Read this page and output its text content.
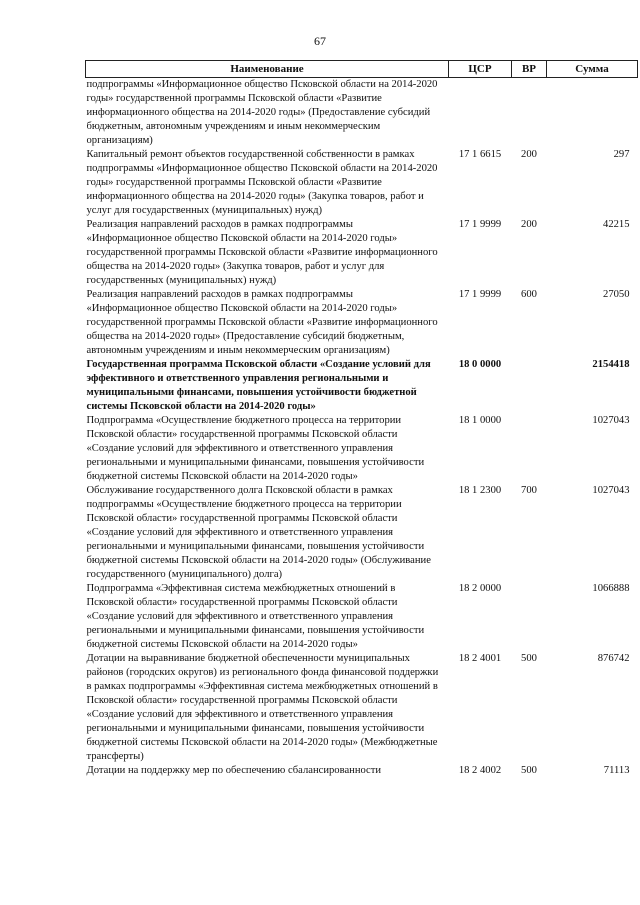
67
Наименование	ЦСР	ВР	Сумма
подпрограммы «Информационное общество Псковской области на 2014-2020 годы» государственной программы Псковской области «Развитие информационного общества на 2014-2020 годы» (Предоставление субсидий бюджетным, автономным учреждениям и иным некоммерческим организациям)			
Капитальный ремонт объектов государственной собственности в рамках подпрограммы «Информационное общество Псковской области на 2014-2020 годы» государственной программы Псковской области «Развитие информационного общества на 2014-2020 годы» (Закупка товаров, работ и услуг для государственных (муниципальных) нужд)	17 1 6615	200	297
Реализация направлений расходов в рамках подпрограммы «Информационное общество Псковской области на 2014-2020 годы» государственной программы Псковской области «Развитие информационного общества на 2014-2020 годы» (Закупка товаров, работ и услуг для государственных (муниципальных) нужд)	17 1 9999	200	42215
Реализация направлений расходов в рамках подпрограммы «Информационное общество Псковской области на 2014-2020 годы» государственной программы Псковской области «Развитие информационного общества на 2014-2020 годы» (Предоставление субсидий бюджетным, автономным учреждениям и иным некоммерческим организациям)	17 1 9999	600	27050
Государственная программа Псковской области «Создание условий для эффективного и ответственного управления региональными и муниципальными финансами, повышения устойчивости бюджетной системы Псковской области на 2014-2020 годы»	18 0 0000		2154418
Подпрограмма «Осуществление бюджетного процесса на территории Псковской области» государственной программы Псковской области «Создание условий для эффективного и ответственного управления региональными и муниципальными финансами, повышения устойчивости бюджетной системы Псковской области на 2014-2020 годы»	18 1 0000		1027043
Обслуживание государственного долга Псковской области в рамках подпрограммы «Осуществление бюджетного процесса на территории Псковской области» государственной программы Псковской области «Создание условий для эффективного и ответственного управления региональными и муниципальными финансами, повышения устойчивости бюджетной системы Псковской области на 2014-2020 годы» (Обслуживание государственного (муниципального) долга)	18 1 2300	700	1027043
Подпрограмма «Эффективная система межбюджетных отношений в Псковской области» государственной программы Псковской области «Создание условий для эффективного и ответственного управления региональными и муниципальными финансами, повышения устойчивости бюджетной системы Псковской области на 2014-2020 годы»	18 2 0000		1066888
Дотации на выравнивание бюджетной обеспеченности муниципальных районов (городских округов) из регионального фонда финансовой поддержки в рамках подпрограммы «Эффективная система межбюджетных отношений в Псковской области» государственной программы Псковской области «Создание условий для эффективного и ответственного управления региональными и муниципальными финансами, повышения устойчивости бюджетной системы Псковской области на 2014-2020 годы» (Межбюджетные трансферты)	18 2 4001	500	876742
Дотации на поддержку мер по обеспечению сбалансированности	18 2 4002	500	71113
